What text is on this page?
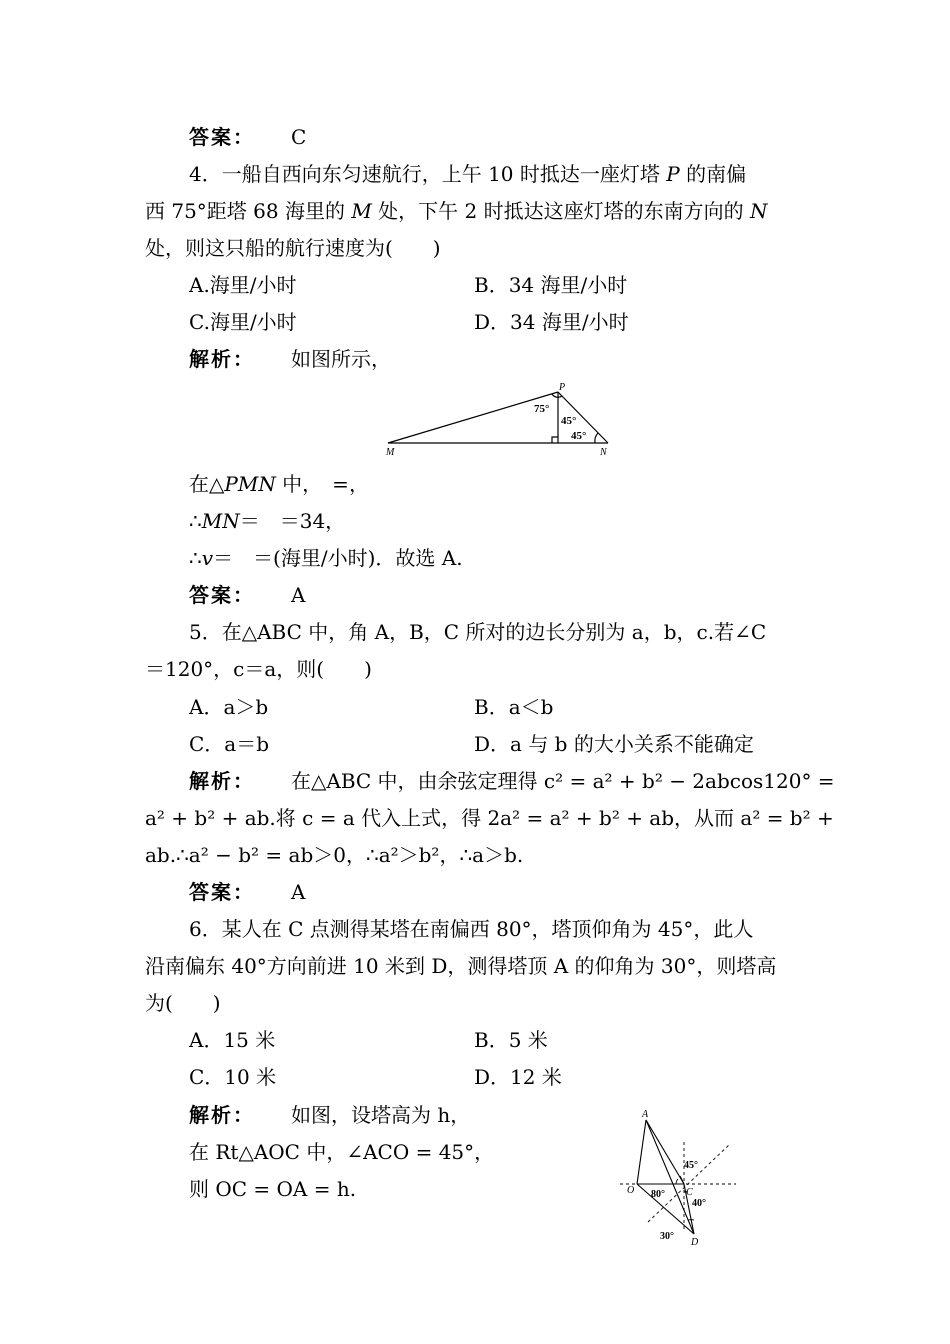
答案： C
4．一船自西向东匀速航行，上午 10 时抵达一座灯塔 P 的南偏
西 75°距塔 68 海里的 M 处，下午 2 时抵达这座灯塔的东南方向的 N
处，则这只船的航行速度为(　　)
A.海里/小时	B．34 海里/小时
C.海里/小时	D．34 海里/小时
解析： 如图所示，
P
M	N
75°
45°
45°
在△PMN 中，　=，
∴MN＝　＝34，
∴v＝　＝(海里/小时)．故选 A.
答案： A
5．在△ABC 中，角 A，B，C 所对的边长分别为 a，b，c.若∠C
＝120°，c＝a，则(　　)
A．a＞b	B．a＜b
C．a＝b	D．a 与 b 的大小关系不能确定
解析： 在△ABC 中，由余弦定理得 c² = a² + b² − 2abcos120° =
a² + b² + ab.将 c = a 代入上式，得 2a² = a² + b² + ab，从而 a² = b² +
ab.∴a² − b² = ab＞0，∴a²＞b²，∴a＞b.
答案： A
6．某人在 C 点测得某塔在南偏西 80°，塔顶仰角为 45°，此人
沿南偏东 40°方向前进 10 米到 D，测得塔顶 A 的仰角为 30°，则塔高
为(　　)
A．15 米	B．5 米
C．10 米	D．12 米
解析： 如图，设塔高为 h，
在 Rt△AOC 中，∠ACO = 45°，
则 OC = OA = h.
A
O	C
D
45°
80°
40°
30°
